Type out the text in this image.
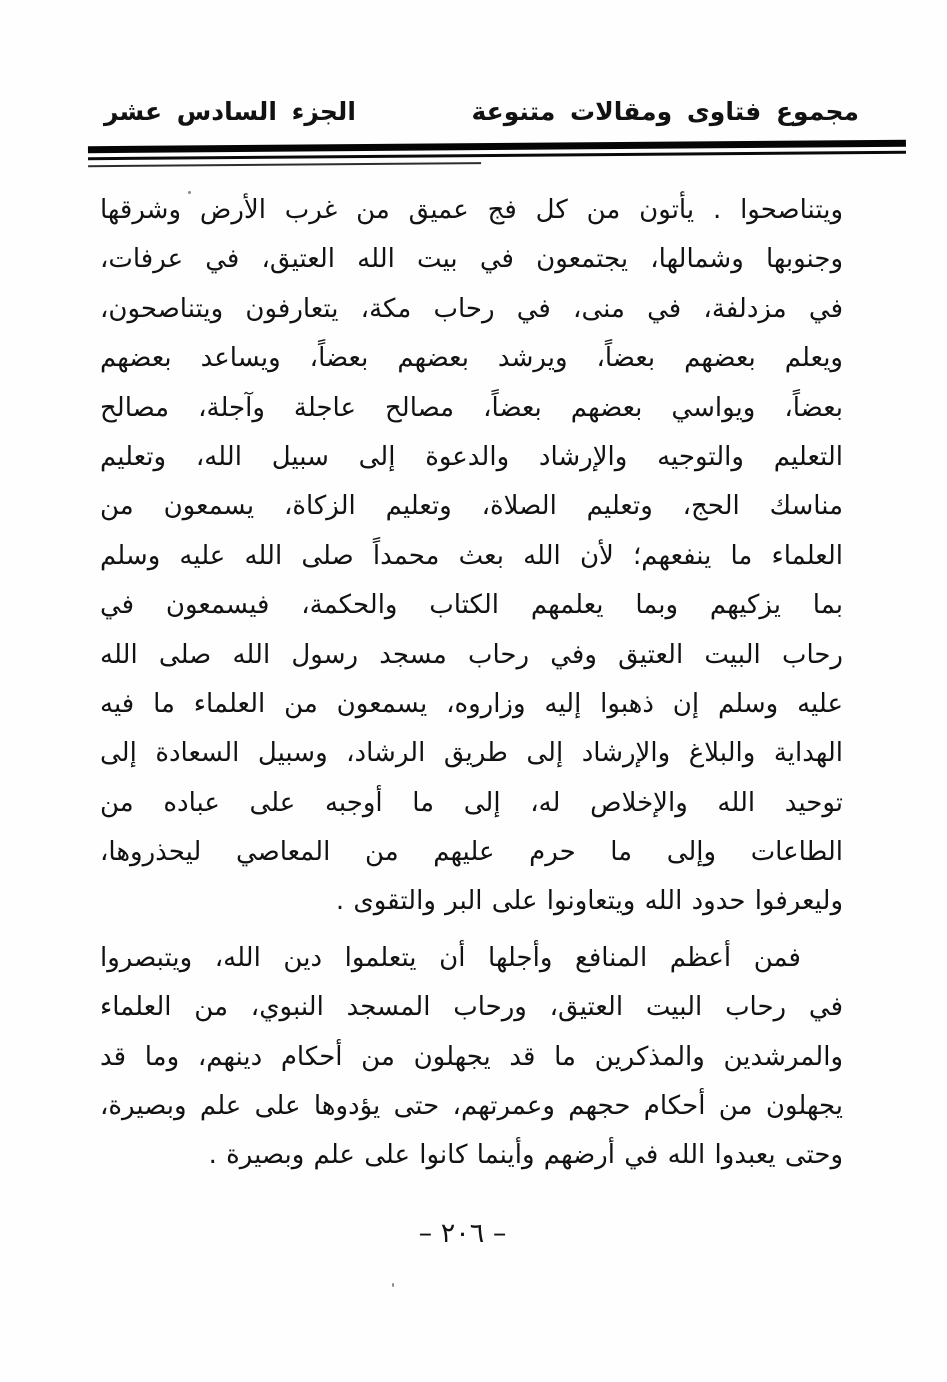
مجموع فتاوى ومقالات متنوعة
الجزء السادس عشر
ويتناصحوا . يأتون من كل فج عميق من غرب الأرض وشرقها
وجنوبها وشمالها، يجتمعون في بيت الله العتيق، في عرفات،
في مزدلفة، في منى، في رحاب مكة، يتعارفون ويتناصحون،
ويعلم بعضهم بعضاً، ويرشد بعضهم بعضاً، ويساعد بعضهم
بعضاً، ويواسي بعضهم بعضاً، مصالح عاجلة وآجلة، مصالح
التعليم والتوجيه والإرشاد والدعوة إلى سبيل الله، وتعليم
مناسك الحج، وتعليم الصلاة، وتعليم الزكاة، يسمعون من
العلماء ما ينفعهم؛ لأن الله بعث محمداً صلى الله عليه وسلم
بما يزكيهم وبما يعلمهم الكتاب والحكمة، فيسمعون في
رحاب البيت العتيق وفي رحاب مسجد رسول الله صلى الله
عليه وسلم إن ذهبوا إليه وزاروه، يسمعون من العلماء ما فيه
الهداية والبلاغ والإرشاد إلى طريق الرشاد، وسبيل السعادة إلى
توحيد الله والإخلاص له، إلى ما أوجبه على عباده من
الطاعات وإلى ما حرم عليهم من المعاصي ليحذروها،
وليعرفوا حدود الله ويتعاونوا على البر والتقوى .
فمن أعظم المنافع وأجلها أن يتعلموا دين الله، ويتبصروا
في رحاب البيت العتيق، ورحاب المسجد النبوي، من العلماء
والمرشدين والمذكرين ما قد يجهلون من أحكام دينهم، وما قد
يجهلون من أحكام حجهم وعمرتهم، حتى يؤدوها على علم وبصيرة،
وحتى يعبدوا الله في أرضهم وأينما كانوا على علم وبصيرة .
– ٢٠٦ –
